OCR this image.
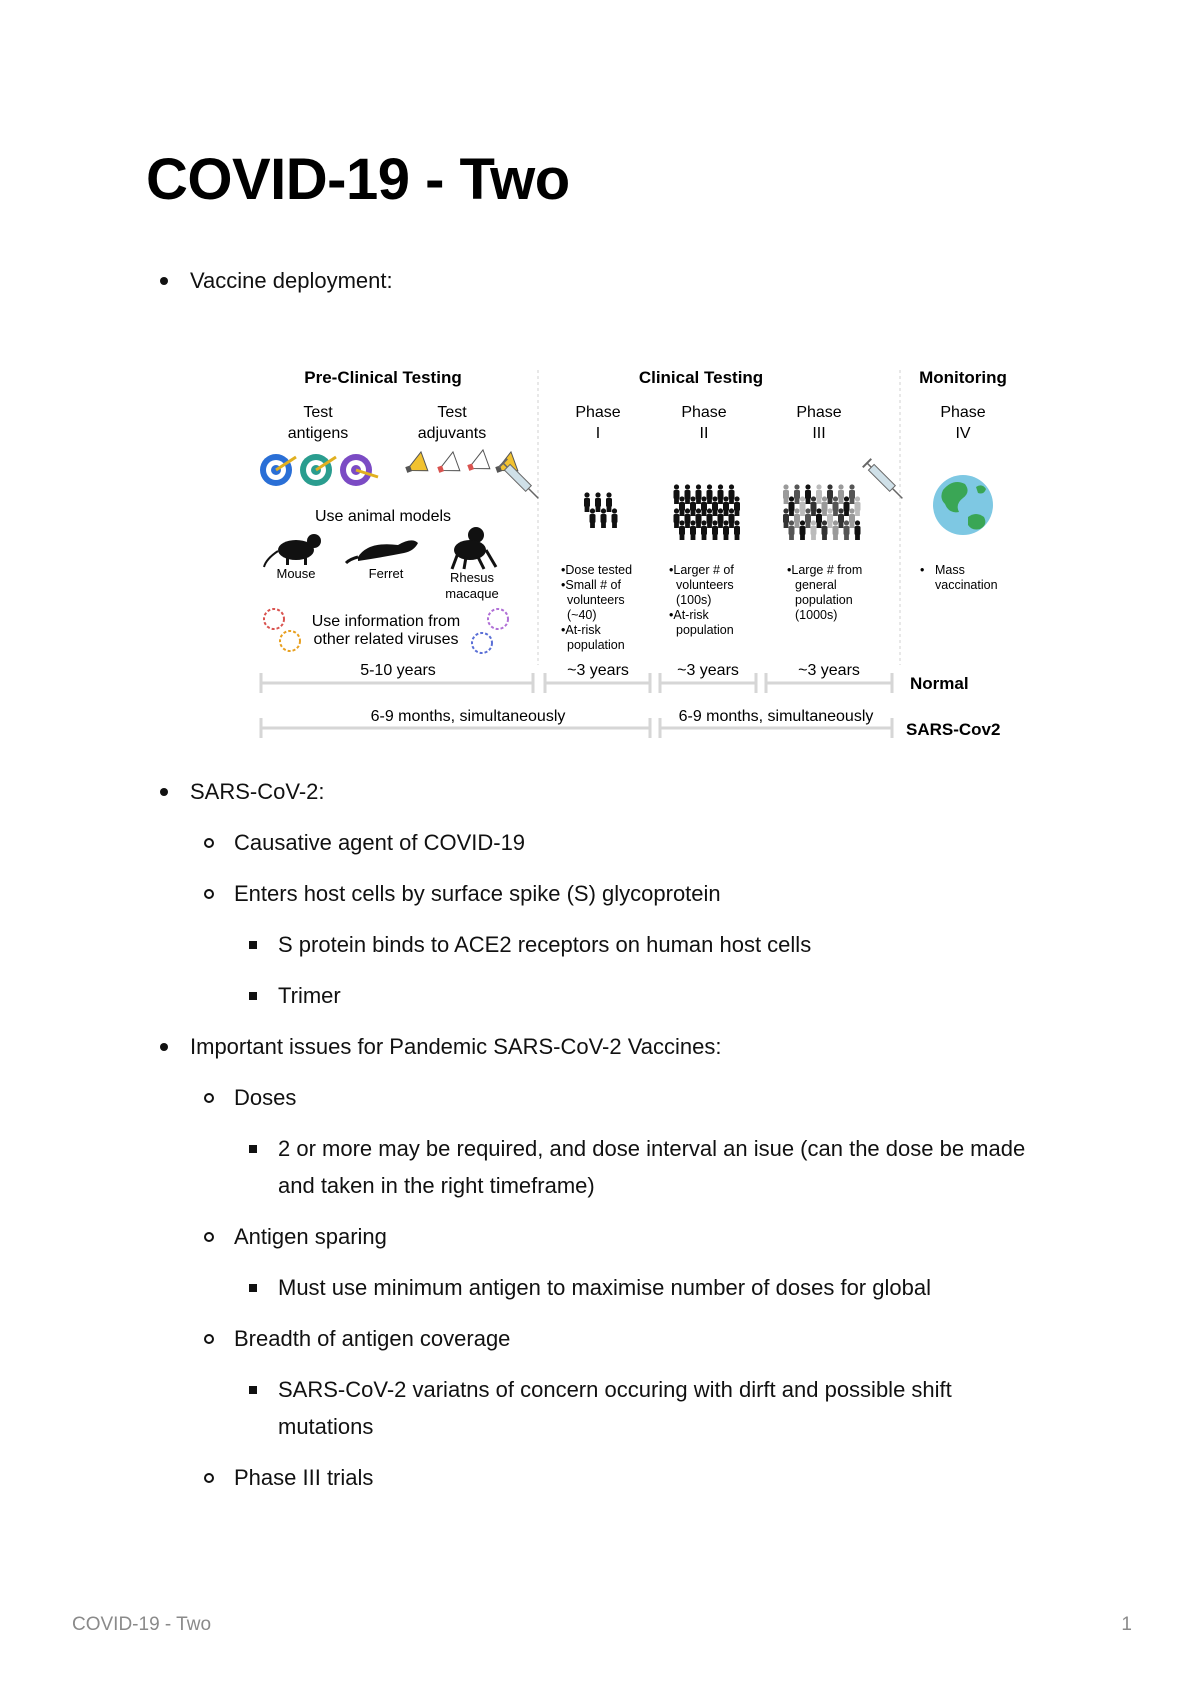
COVID-19 - Two
Vaccine deployment:
Pre-Clinical Testing	Clinical Testing	Monitoring
Test
antigens
Test
adjuvants
Phase
I
Phase
II
Phase
III
Phase
IV
Use animal models
Mouse	Ferret	Rhesus
macaque
Use information from
other related viruses
•Dose tested
•Small # of
volunteers
(~40)
•At-risk
population
•Larger # of
volunteers
(100s)
•At-risk
population
•Large # from
general
population
(1000s)
• Mass
vaccination
5-10 years	~3 years	~3 years	~3 years
Normal
6-9 months, simultaneously	6-9 months, simultaneously
SARS-Cov2
SARS-CoV-2:
Causative agent of COVID-19
Enters host cells by surface spike (S) glycoprotein
S protein binds to ACE2 receptors on human host cells
Trimer
Important issues for Pandemic SARS-CoV-2 Vaccines:
Doses
2 or more may be required, and dose interval an isue (can the dose be made and taken in the right timeframe)
Antigen sparing
Must use minimum antigen to maximise number of doses for global
Breadth of antigen coverage
SARS-CoV-2 variatns of concern occuring with dirft and possible shift mutations
Phase III trials
COVID-19 - Two	1
